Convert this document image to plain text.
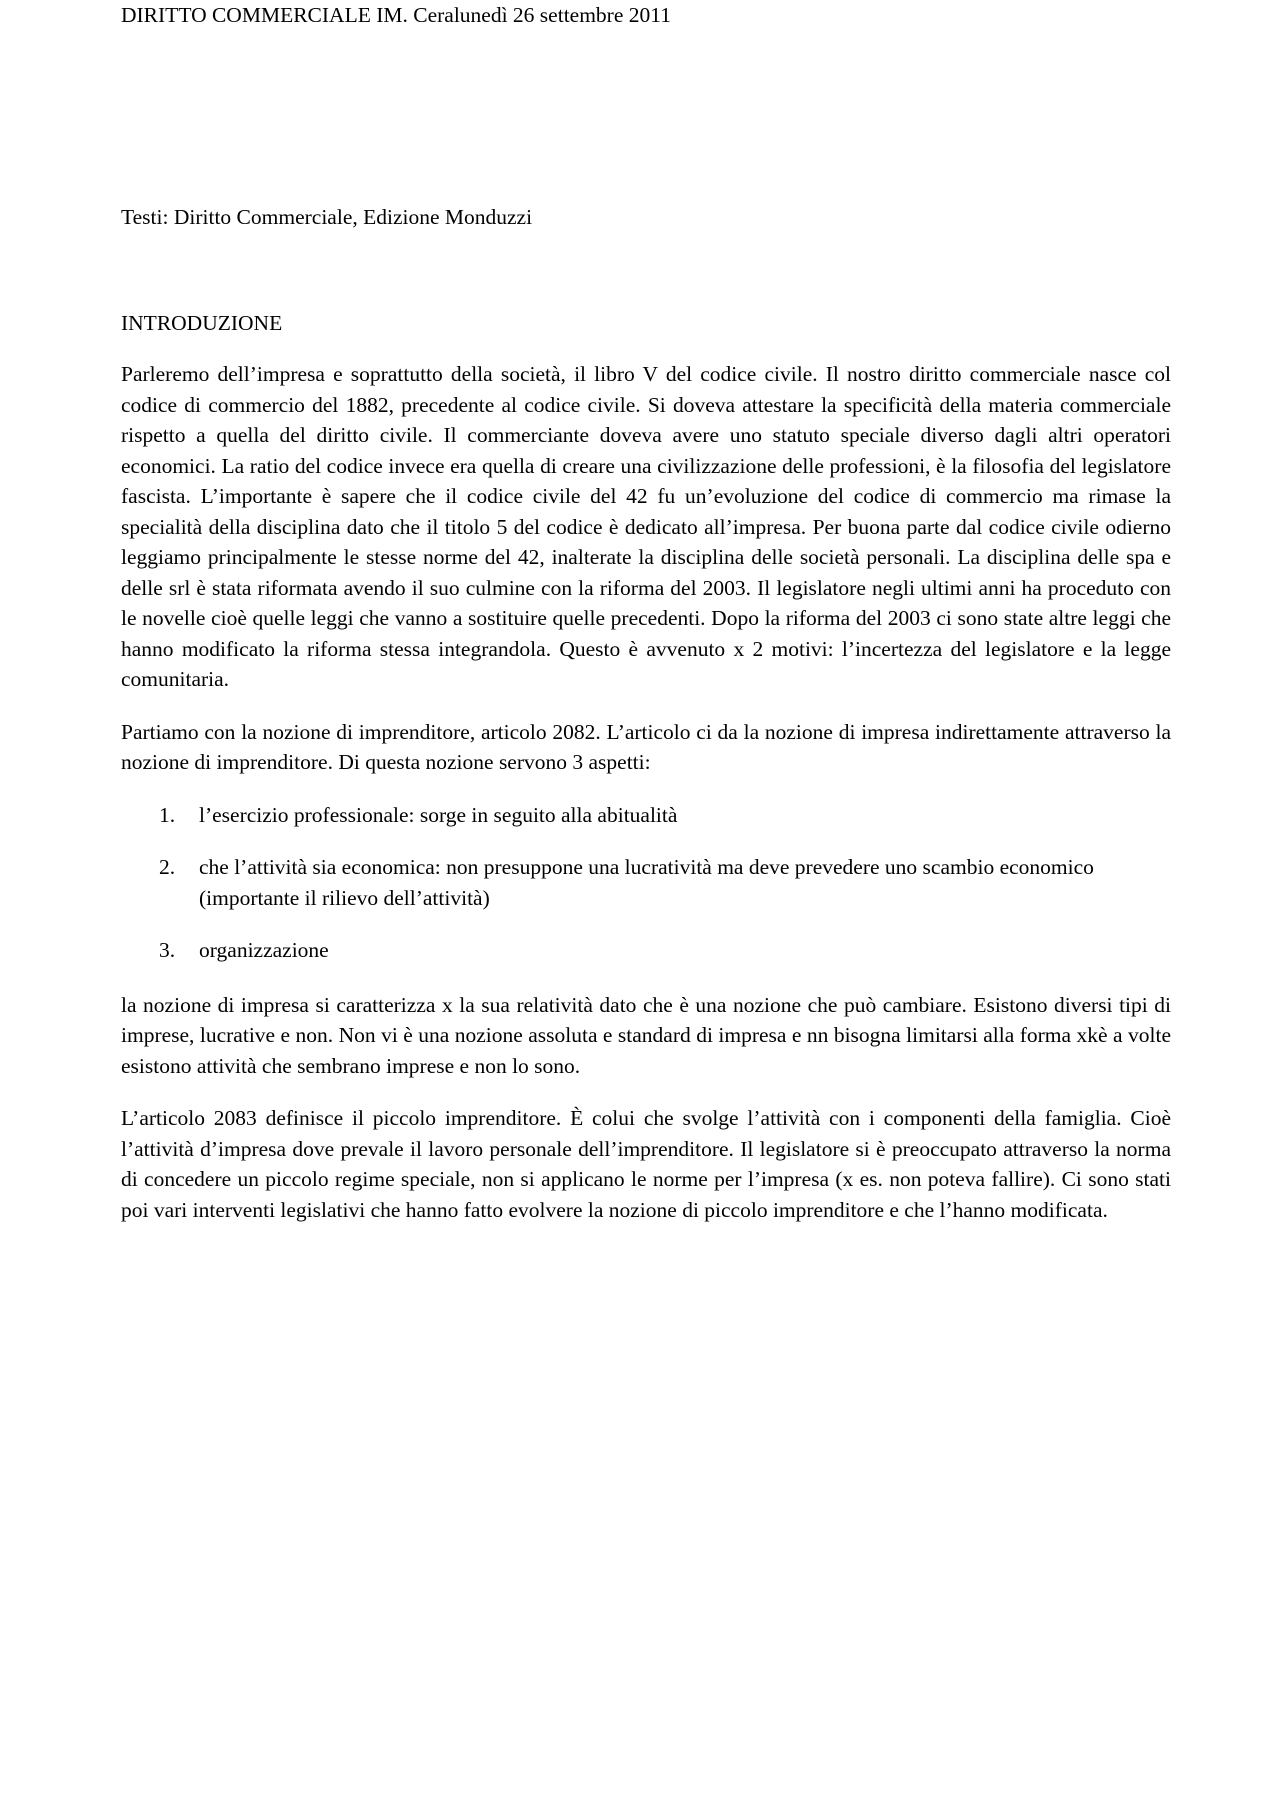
DIRITTO COMMERCIALE IM. Ceralunedì 26 settembre 2011
Testi: Diritto Commerciale, Edizione Monduzzi
INTRODUZIONE

Parleremo dell’impresa e soprattutto della società, il libro V del codice civile. Il nostro diritto commerciale nasce col codice di commercio del 1882, precedente al codice civile. Si doveva attestare la specificità della materia commerciale rispetto a quella del diritto civile. Il commerciante doveva avere uno statuto speciale diverso dagli altri operatori economici. La ratio del codice invece era quella di creare una civilizzazione delle professioni, è la filosofia del legislatore fascista. L’importante è sapere che il codice civile del 42 fu un’evoluzione del codice di commercio ma rimase la specialità della disciplina dato che il titolo 5 del codice è dedicato all’impresa. Per buona parte dal codice civile odierno leggiamo principalmente le stesse norme del 42, inalterate la disciplina delle società personali. La disciplina delle spa e delle srl è stata riformata avendo il suo culmine con la riforma del 2003. Il legislatore negli ultimi anni ha proceduto con le novelle cioè quelle leggi che vanno a sostituire quelle precedenti. Dopo la riforma del 2003 ci sono state altre leggi che hanno modificato la riforma stessa integrandola. Questo è avvenuto x 2 motivi: l’incertezza del legislatore e la legge comunitaria.

Partiamo con la nozione di imprenditore, articolo 2082. L’articolo ci da la nozione di impresa indirettamente attraverso la nozione di imprenditore. Di questa nozione servono 3 aspetti:

1. l’esercizio professionale: sorge in seguito alla abitualità
2. che l’attività sia economica: non presuppone una lucratività ma deve prevedere uno scambio economico (importante il rilievo dell’attività)
3. organizzazione

la nozione di impresa si caratterizza x la sua relatività dato che è una nozione che può cambiare. Esistono diversi tipi di imprese, lucrative e non. Non vi è una nozione assoluta e standard di impresa e nn bisogna limitarsi alla forma xkè a volte esistono attività che sembrano imprese e non lo sono.

L’articolo 2083 definisce il piccolo imprenditore. È colui che svolge l’attività con i componenti della famiglia. Cioè l’attività d’impresa dove prevale il lavoro personale dell’imprenditore. Il legislatore si è preoccupato attraverso la norma di concedere un piccolo regime speciale, non si applicano le norme per l’impresa (x es. non poteva fallire). Ci sono stati poi vari interventi legislativi che hanno fatto evolvere la nozione di piccolo imprenditore e che l’hanno modificata.
